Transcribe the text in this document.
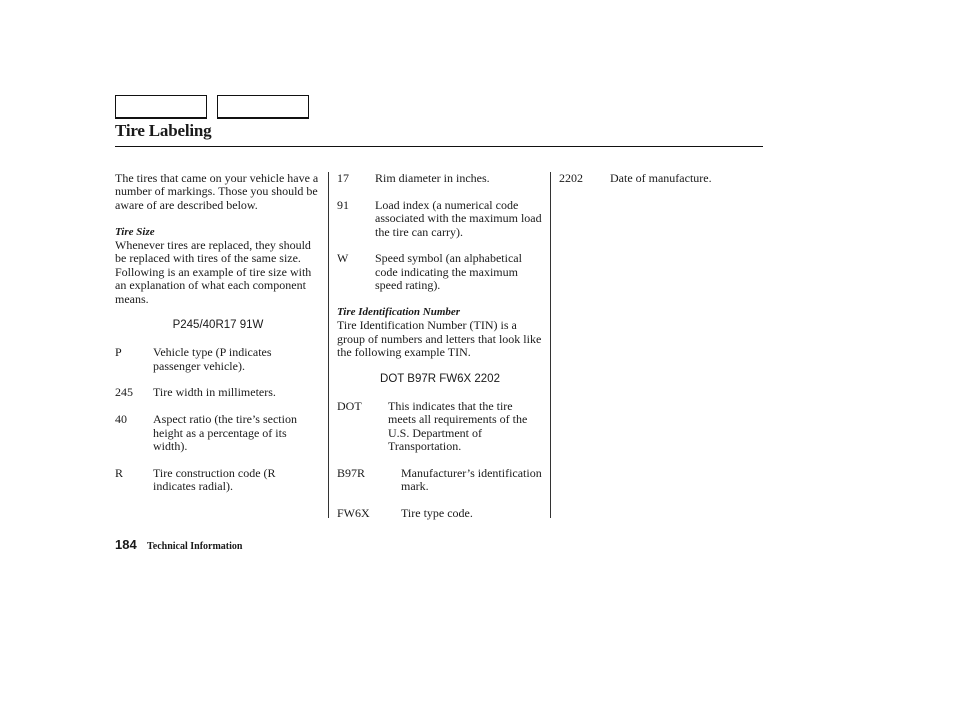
Tire Labeling

The tires that came on your vehicle have a number of markings. Those you should be aware of are described below.

Tire Size

Whenever tires are replaced, they should be replaced with tires of the same size. Following is an example of tire size with an explanation of what each component means.

P245/40R17 91W

P	Vehicle type (P indicates passenger vehicle).
245	Tire width in millimeters.
40	Aspect ratio (the tire’s section height as a percentage of its width).
R	Tire construction code (R indicates radial).
17	Rim diameter in inches.
91	Load index (a numerical code associated with the maximum load the tire can carry).
W	Speed symbol (an alphabetical code indicating the maximum speed rating).

Tire Identification Number

Tire Identification Number (TIN) is a group of numbers and letters that look like the following example TIN.

DOT B97R FW6X 2202

DOT	This indicates that the tire meets all requirements of the U.S. Department of Transportation.
B97R	Manufacturer’s identification mark.
FW6X	Tire type code.
2202	Date of manufacture.
184 Technical Information
